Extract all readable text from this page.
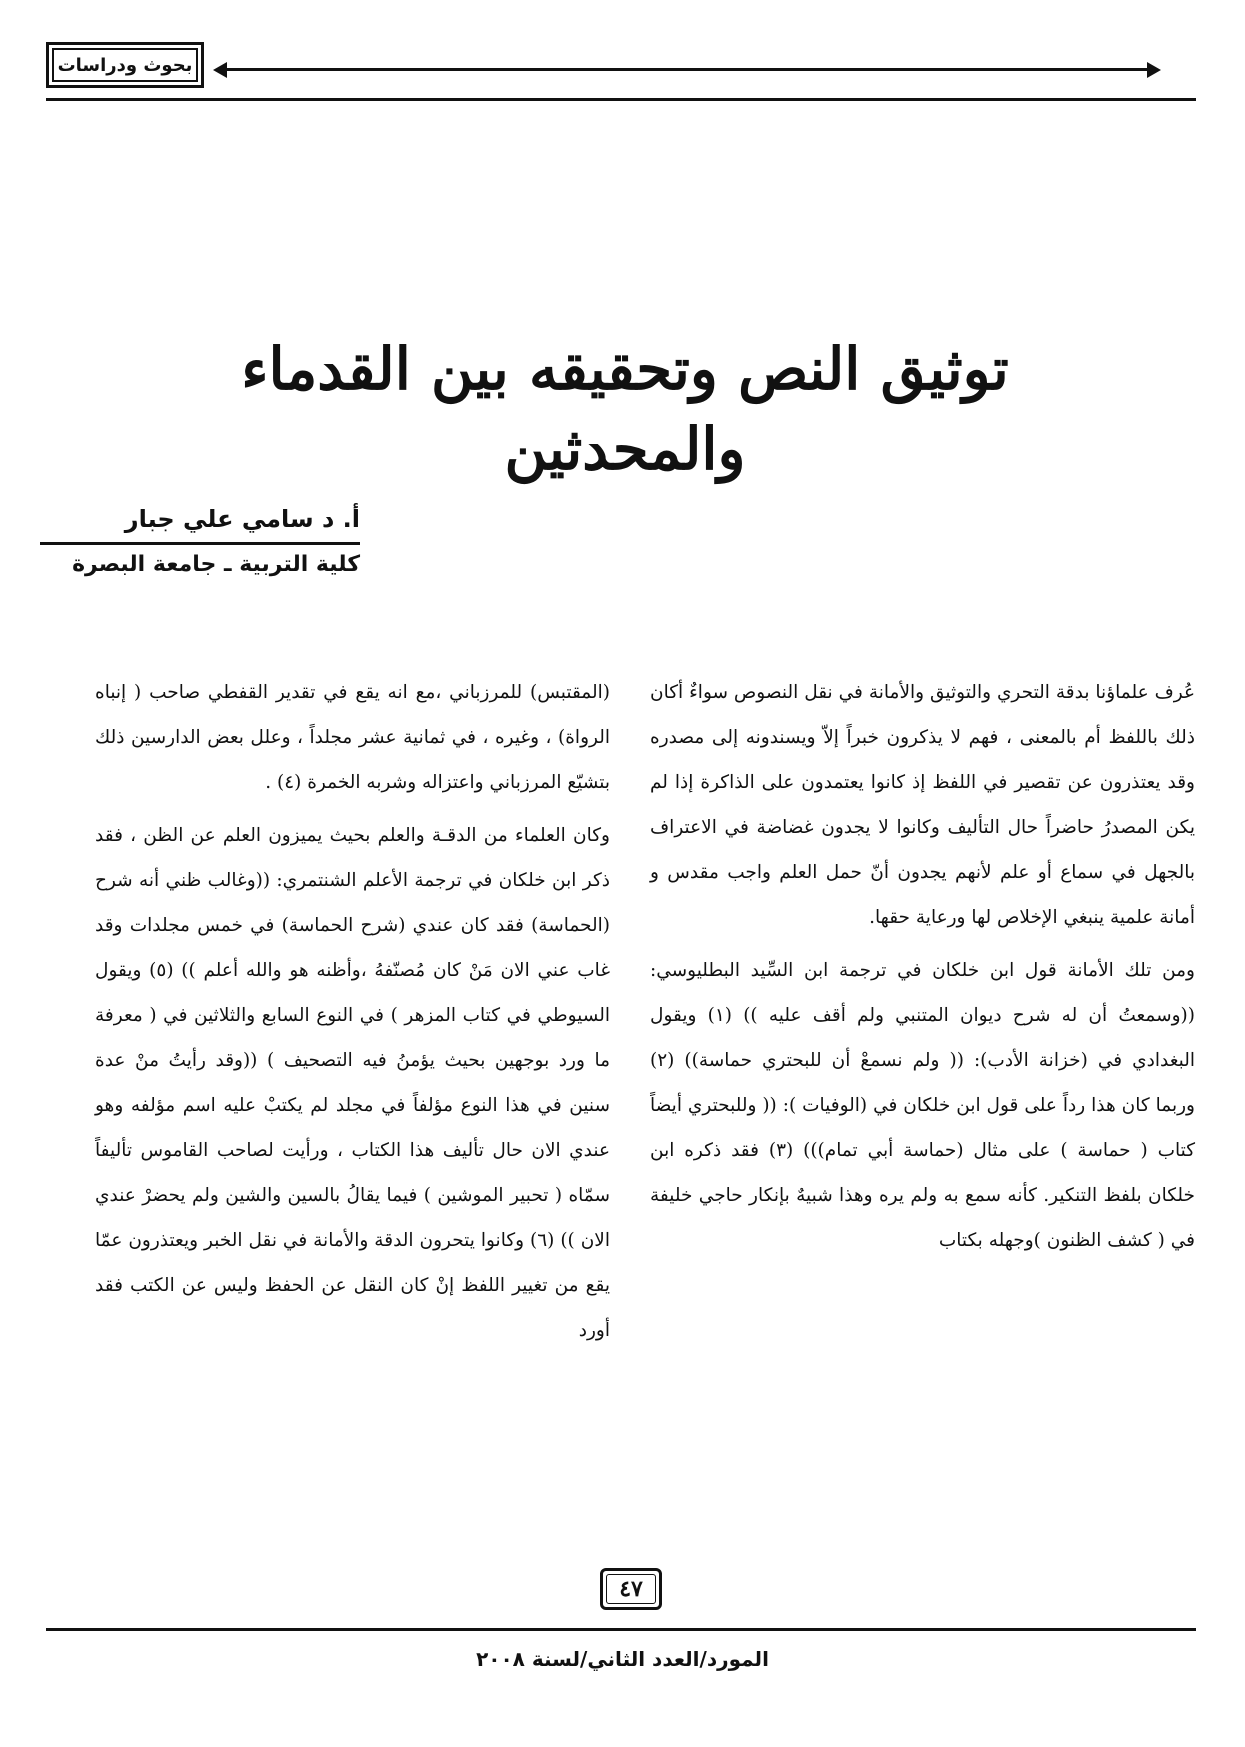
بحوث ودراسات
توثيق النص وتحقيقه بين القدماء والمحدثين
أ. د سامي علي جبار
كلية التربية ـ جامعة البصرة

عُرف علماؤنا بدقة التحري والتوثيق والأمانة في نقل النصوص سواءٌ أكان ذلك باللفظ أم بالمعنى ، فهم لا يذكرون خبراً إلاّ ويسندونه إلى مصدره وقد يعتذرون عن تقصير في اللفظ إذ كانوا يعتمدون على الذاكرة إذا لم يكن المصدرُ حاضراً حال التأليف وكانوا لا يجدون غضاضة في الاعتراف بالجهل في سماع أو علم لأنهم يجدون أنّ حمل العلم واجب مقدس و أمانة علمية ينبغي الإخلاص لها ورعاية حقها.

ومن تلك الأمانة قول ابن خلكان في ترجمة ابن السِّيد البطليوسي: ((وسمعتُ أن له شرح ديوان المتنبي ولم أقف عليه )) (١) ويقول البغدادي في (خزانة الأدب): (( ولم نسمعْ أن للبحتري حماسة)) (٢) وربما كان هذا رداً على قول ابن خلكان في (الوفيات ): (( وللبحتري أيضاً كتاب ( حماسة ) على مثال (حماسة أبي تمام))) (٣) فقد ذكره ابن خلكان بلفظ التنكير. كأنه سمع به ولم يره وهذا شبيهٌ بإنكار حاجي خليفة في ( كشف الظنون )وجهله بكتاب

(المقتبس) للمرزباني ،مع انه يقع في تقدير القفطي صاحب ( إنباه الرواة) ، وغيره ، في ثمانية عشر مجلداً ، وعلل بعض الدارسين ذلك بتشيّع المرزباني واعتزاله وشربه الخمرة (٤) .

وكان العلماء من الدقـة والعلم بحيث يميزون العلم عن الظن ، فقد ذكر ابن خلكان في ترجمة الأعلم الشنتمري: ((وغالب ظني أنه شرح (الحماسة) فقد كان عندي (شرح الحماسة) في خمس مجلدات وقد غاب عني الان مَنْ كان مُصنّفهُ ،وأظنه هو والله أعلم )) (٥) ويقول السيوطي في كتاب المزهر ) في النوع السابع والثلاثين في ( معرفة ما ورد بوجهين بحيث يؤمنُ فيه التصحيف ) ((وقد رأيتُ منْ عدة سنين في هذا النوع مؤلفاً في مجلد لم يكتبْ عليه اسم مؤلفه وهو عندي الان حال تأليف هذا الكتاب ، ورأيت لصاحب القاموس تأليفاً سمّاه ( تحبير الموشين ) فيما يقالُ بالسين والشين ولم يحضرْ عندي الان )) (٦) وكانوا يتحرون الدقة والأمانة في نقل الخبر ويعتذرون عمّا يقع من تغيير اللفظ إنْ كان النقل عن الحفظ وليس عن الكتب فقد أورد

٤٧
المورد/العدد الثاني/لسنة ٢٠٠٨
